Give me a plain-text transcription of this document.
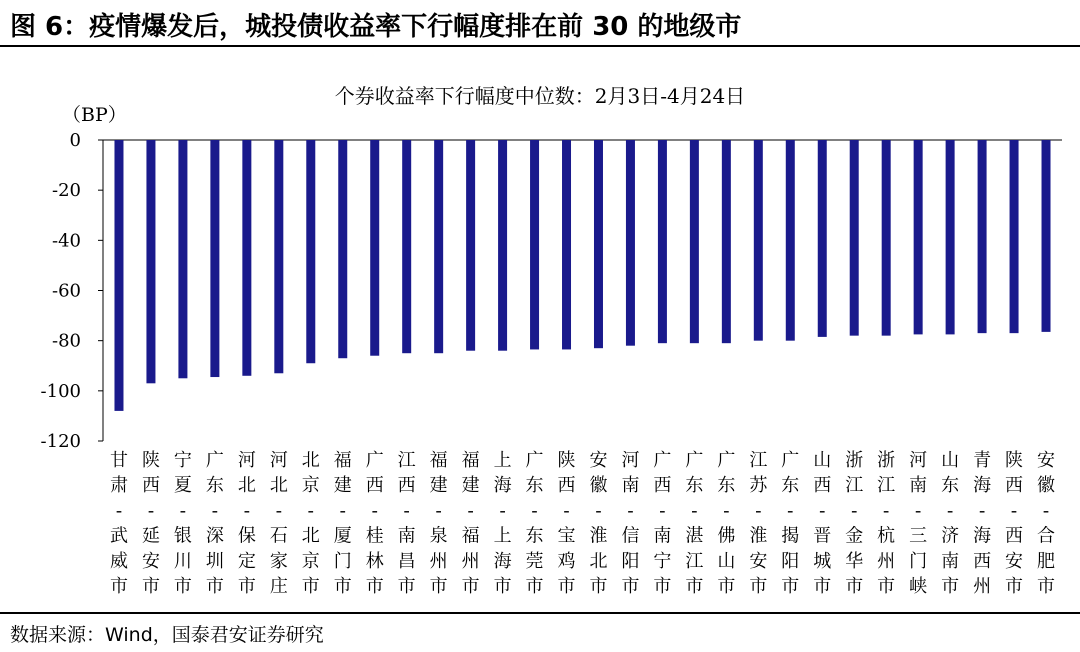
图 6：疫情爆发后，城投债收益率下行幅度排在前 30 的地级市
个券收益率下行幅度中位数：2月3日-4月24日
（BP）
0
-20
-40
-60
-80
-100
-120
甘肃-武威市
陕西-延安市
宁夏-银川市
广东-深圳市
河北-保定市
河北-石家庄
北京-北京市
福建-厦门市
广西-桂林市
江西-南昌市
福建-泉州市
福建-福州市
上海-上海市
广东-东莞市
陕西-宝鸡市
安徽-淮北市
河南-信阳市
广西-南宁市
广东-湛江市
广东-佛山市
江苏-淮安市
广东-揭阳市
山西-晋城市
浙江-金华市
浙江-杭州市
河南-三门峡
山东-济南市
青海-海西州
陕西-西安市
安徽-合肥市
数据来源：Wind，国泰君安证券研究
